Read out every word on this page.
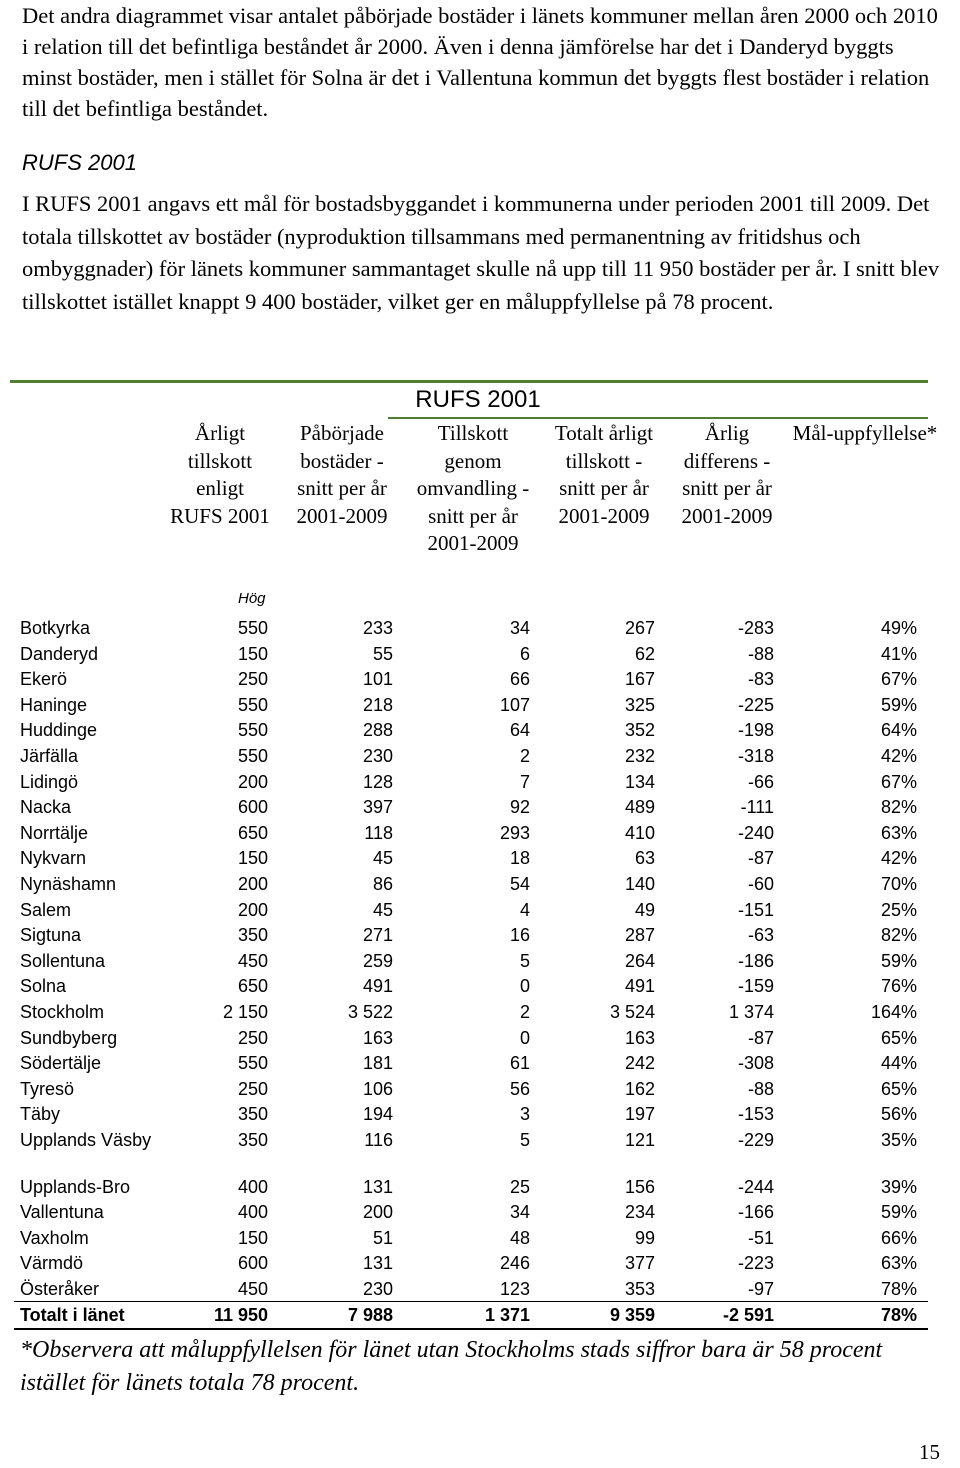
Det andra diagrammet visar antalet påbörjade bostäder i länets kommuner mellan åren 2000 och 2010 i relation till det befintliga beståndet år 2000. Även i denna jämförelse har det i Danderyd byggts minst bostäder, men i stället för Solna är det i Vallentuna kommun det byggts flest bostäder i relation till det befintliga beståndet.

RUFS 2001

I RUFS 2001 angavs ett mål för bostadsbyggandet i kommunerna under perioden 2001 till 2009. Det totala tillskottet av bostäder (nyproduktion tillsammans med permanentning av fritidshus och ombyggnader) för länets kommuner sammantaget skulle nå upp till 11 950 bostäder per år. I snitt blev tillskottet istället knappt 9 400 bostäder, vilket ger en måluppfyllelse på 78 procent.

RUFS 2001

Årligt tillskott enligt RUFS 2001

Påbörjade bostäder - snitt per år 2001-2009

Tillskott genom omvandling - snitt per år 2001-2009

Totalt årligt tillskott - snitt per år 2001-2009

Årlig differens - snitt per år 2001-2009

Mål-uppfyllelse*

Hög
Botkyrka	550	233	34	267	-283	49%
Danderyd	150	55	6	62	-88	41%
Ekerö	250	101	66	167	-83	67%
Haninge	550	218	107	325	-225	59%
Huddinge	550	288	64	352	-198	64%
Järfälla	550	230	2	232	-318	42%
Lidingö	200	128	7	134	-66	67%
Nacka	600	397	92	489	-111	82%
Norrtälje	650	118	293	410	-240	63%
Nykvarn	150	45	18	63	-87	42%
Nynäshamn	200	86	54	140	-60	70%
Salem	200	45	4	49	-151	25%
Sigtuna	350	271	16	287	-63	82%
Sollentuna	450	259	5	264	-186	59%
Solna	650	491	0	491	-159	76%
Stockholm	2 150	3 522	2	3 524	1 374	164%
Sundbyberg	250	163	0	163	-87	65%
Södertälje	550	181	61	242	-308	44%
Tyresö	250	106	56	162	-88	65%
Täby	350	194	3	197	-153	56%
Upplands Väsby	350	116	5	121	-229	35%
Upplands-Bro	400	131	25	156	-244	39%
Vallentuna	400	200	34	234	-166	59%
Vaxholm	150	51	48	99	-51	66%
Värmdö	600	131	246	377	-223	63%
Österåker	450	230	123	353	-97	78%
Totalt i länet	11 950	7 988	1 371	9 359	-2 591	78%

*Observera att måluppfyllelsen för länet utan Stockholms stads siffror bara är 58 procent istället för länets totala 78 procent.

15
